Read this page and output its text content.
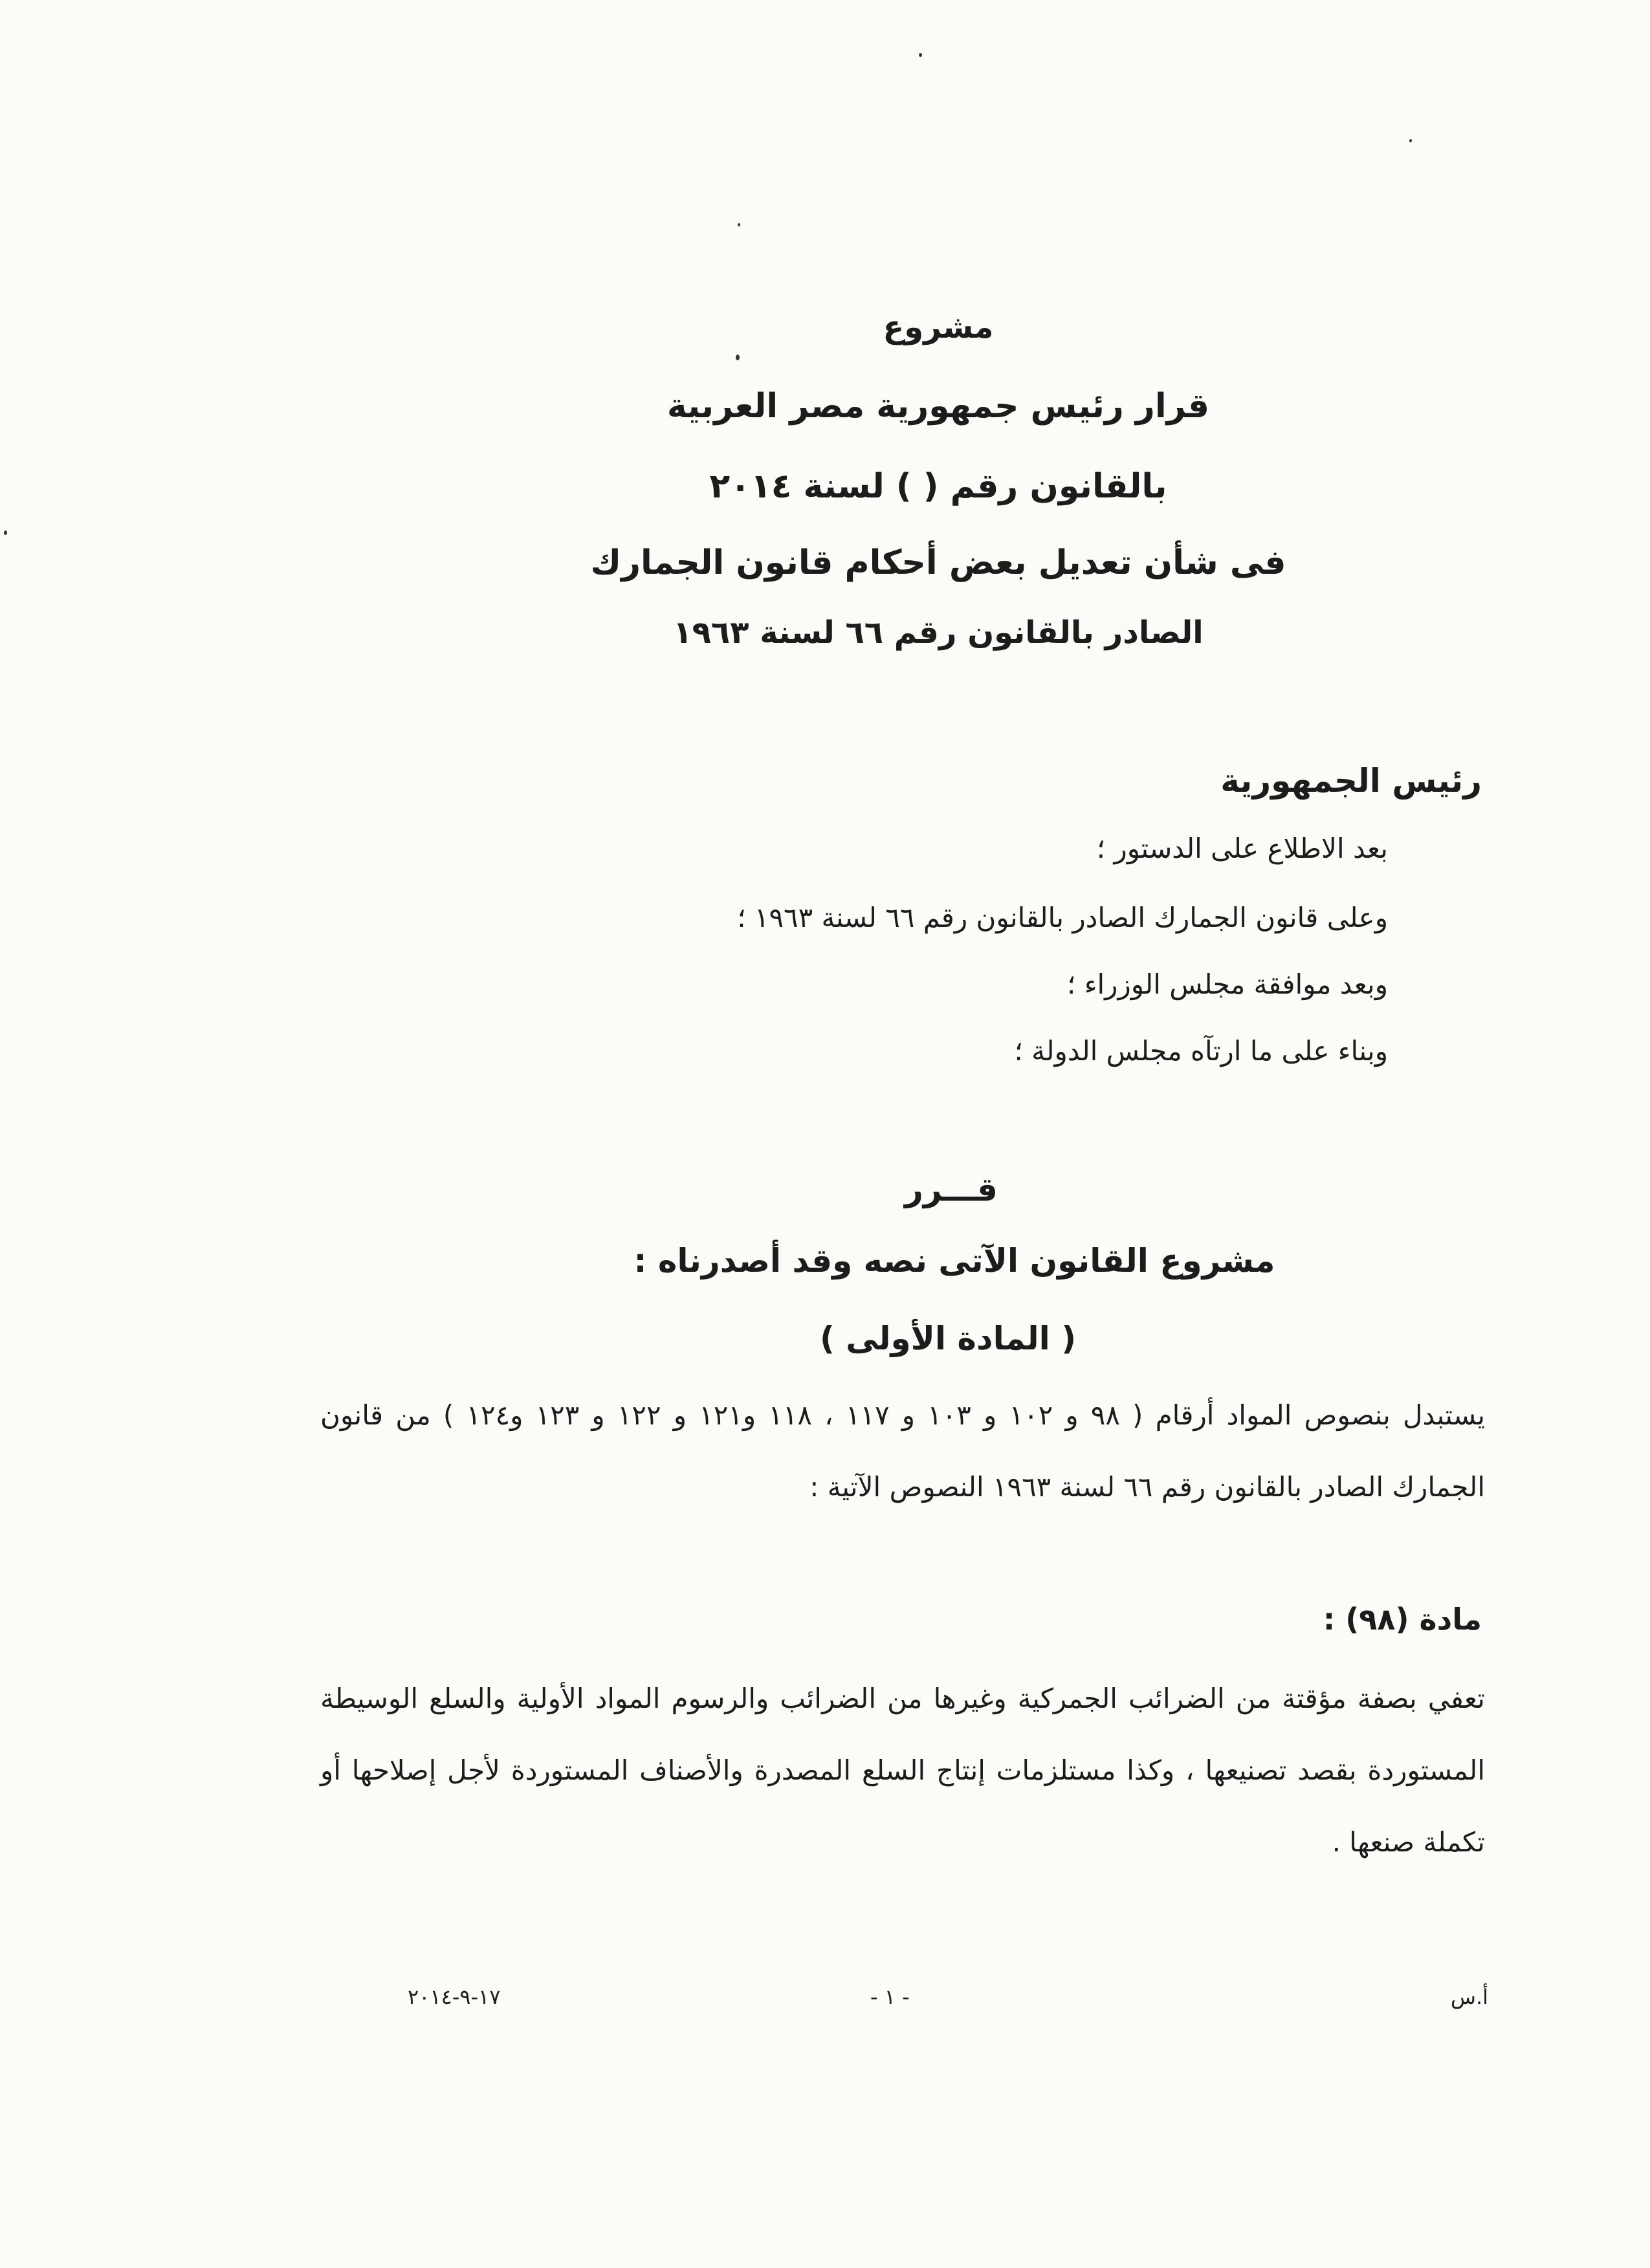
مشروع
قرار رئيس جمهورية مصر العربية
بالقانون رقم ( ) لسنة ٢٠١٤
فى شأن تعديل بعض أحكام قانون الجمارك
الصادر بالقانون رقم ٦٦ لسنة ١٩٦٣
رئيس الجمهورية
بعد الاطلاع على الدستور ؛
وعلى قانون الجمارك الصادر بالقانون رقم ٦٦ لسنة ١٩٦٣ ؛
وبعد موافقة مجلس الوزراء ؛
وبناء على ما ارتآه مجلس الدولة ؛
قـــرر
مشروع القانون الآتى نصه وقد أصدرناه :
( المادة الأولى )
يستبدل بنصوص المواد أرقام ( ٩٨ و ١٠٢ و ١٠٣ و ١١٧ ، ١١٨ و١٢١ و ١٢٢ و ١٢٣ و١٢٤ ) من قانون الجمارك الصادر بالقانون رقم ٦٦ لسنة ١٩٦٣ النصوص الآتية :
مادة (٩٨) :
تعفي بصفة مؤقتة من الضرائب الجمركية وغيرها من الضرائب والرسوم المواد الأولية والسلع الوسيطة المستوردة بقصد تصنيعها ، وكذا مستلزمات إنتاج السلع المصدرة والأصناف المستوردة لأجل إصلاحها أو تكملة صنعها .
أ.س
- ١ -
١٧-٩-٢٠١٤
